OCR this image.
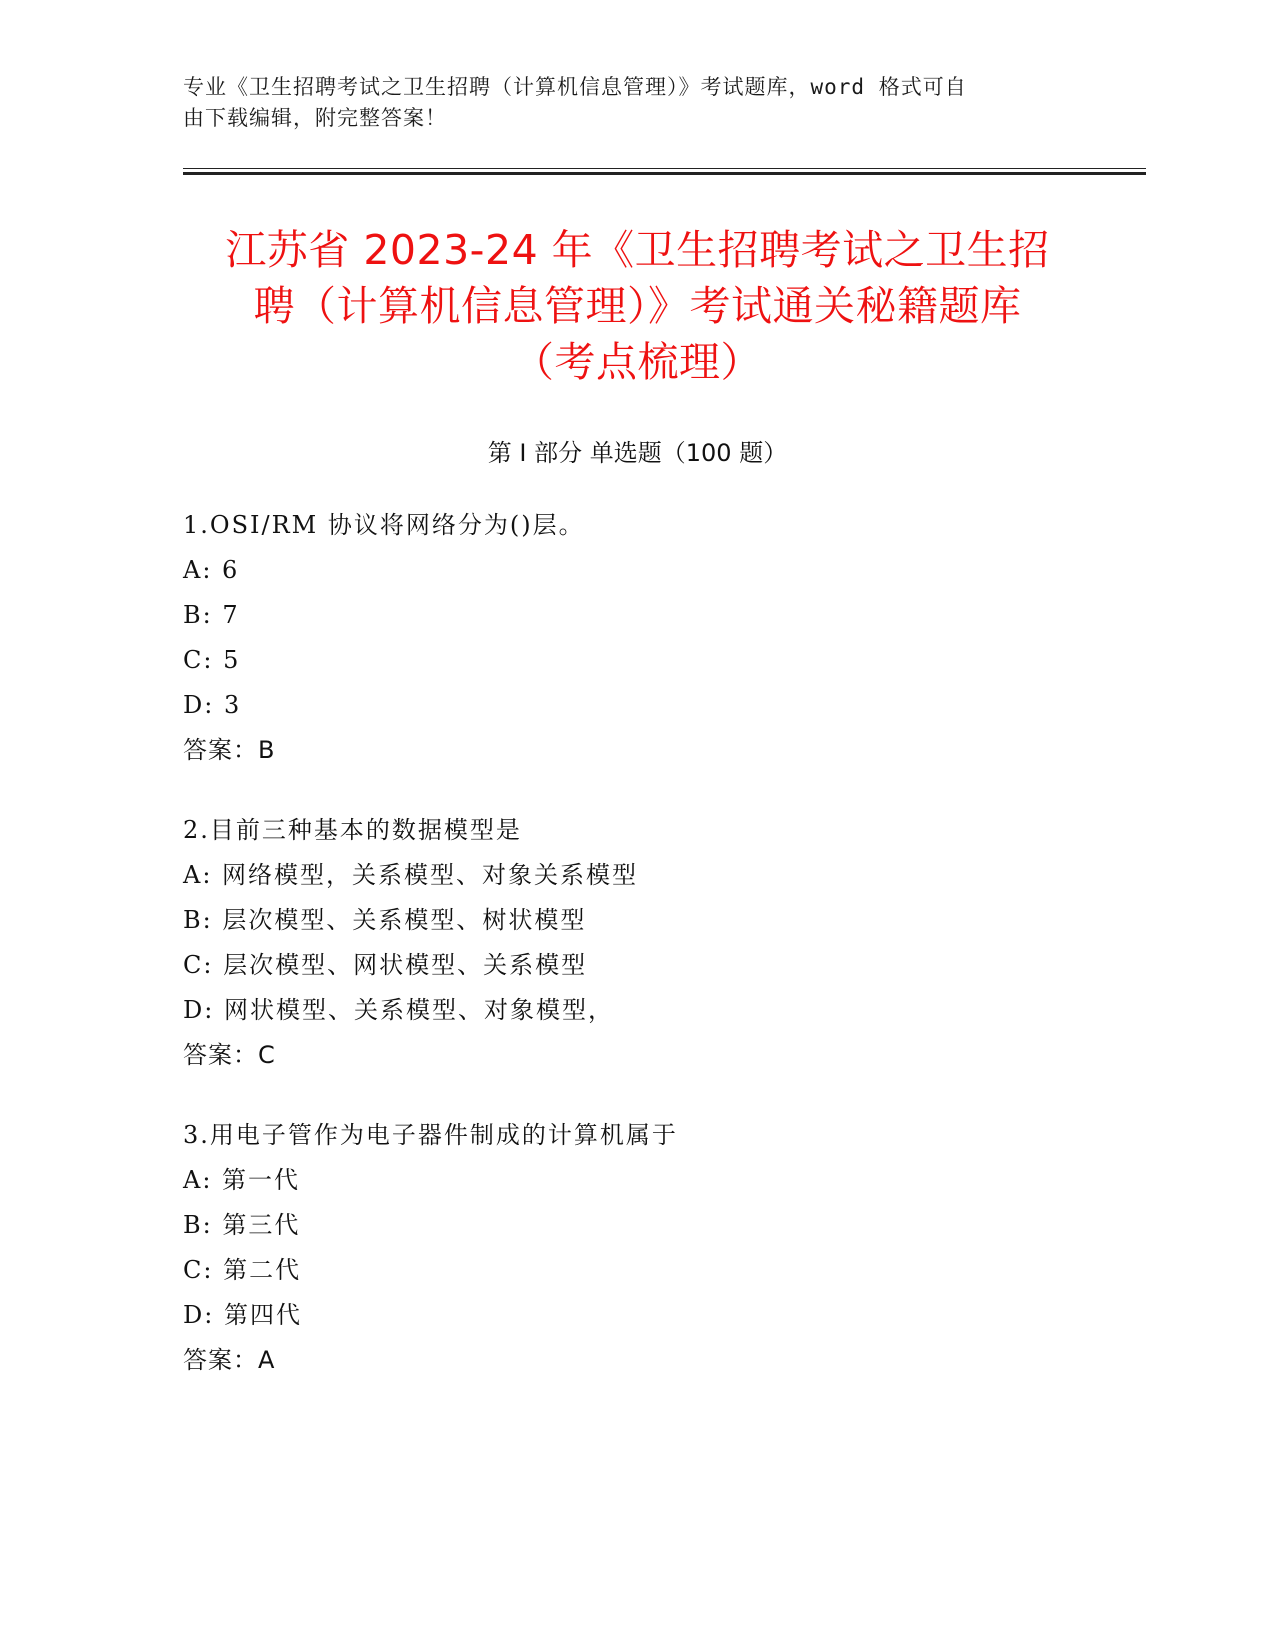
专业《卫生招聘考试之卫生招聘（计算机信息管理）》考试题库，word 格式可自
由下载编辑，附完整答案！
江苏省 2023-24 年《卫生招聘考试之卫生招
聘（计算机信息管理）》考试通关秘籍题库
（考点梳理）
第 I 部分 单选题（100 题）
1.OSI/RM 协议将网络分为()层。
A: 6
B: 7
C: 5
D: 3
答案：B
2.目前三种基本的数据模型是
A: 网络模型，关系模型、对象关系模型
B: 层次模型、关系模型、树状模型
C: 层次模型、网状模型、关系模型
D: 网状模型、关系模型、对象模型，
答案：C
3.用电子管作为电子器件制成的计算机属于
A: 第一代
B: 第三代
C: 第二代
D: 第四代
答案：A
